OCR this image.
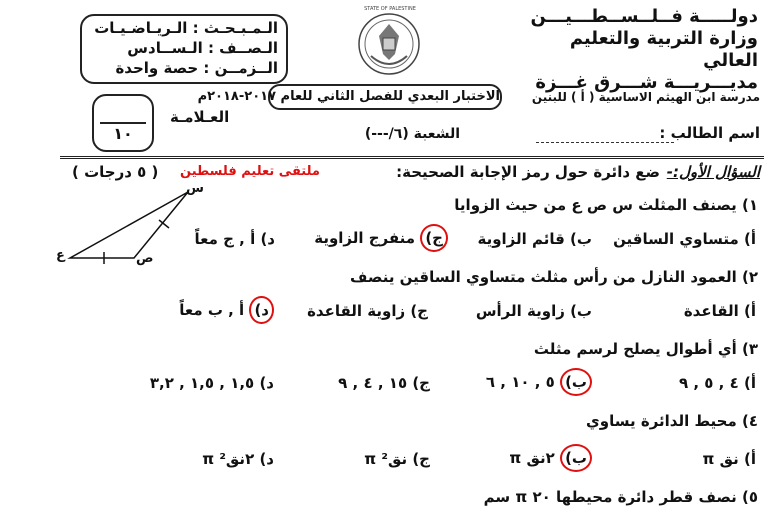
دولـــــة فــلــســطـــيـــن
وزارة التربية والتعليم العالي
مديـــريـــة شـــرق غـــزة
STATE OF PALESTINE
الـمـبـحـث : الـريـاضـيـات
الـصــف : الـســادس
الــزمــن : حصة واحدة
مدرسة ابن الهيثم الاساسية ( أ ) للبنين
الاختبار البعدي للفصل الثاني للعام ٢٠١٧-٢٠١٨م
١٠
العـلامـة
اسم الطالب :
الشعبة (٦/---)
السؤال الأول:-
ضع دائرة حول رمز الإجابة الصحيحة:
ملتقى تعليم فلسطين
( ٥ درجات )
س
ع	ص
١) يصنف المثلث س ص ع من حيث الزوايا
أ) متساوي الساقين
ب) قائم الزاوية
ج) منفرج الزاوية
د) أ , ج معاً
٢) العمود النازل من رأس مثلث متساوي الساقين ينصف
أ) القاعدة
ب) زاوية الرأس
ج) زاوية القاعدة
د) أ , ب معاً
٣) أي أطوال يصلح لرسم مثلث
أ) ٤ , ٥ , ٩
ب) ٥ , ١٠ , ٦
ج) ١٥ , ٤ , ٩
د) ١,٥ , ١,٥ , ٣,٢
٤) محيط الدائرة يساوي
أ) نق π
ب) ٢نق π
ج) نق² π
د) ٢نق² π
٥) نصف قطر دائرة محيطها ٢٠ π سم
